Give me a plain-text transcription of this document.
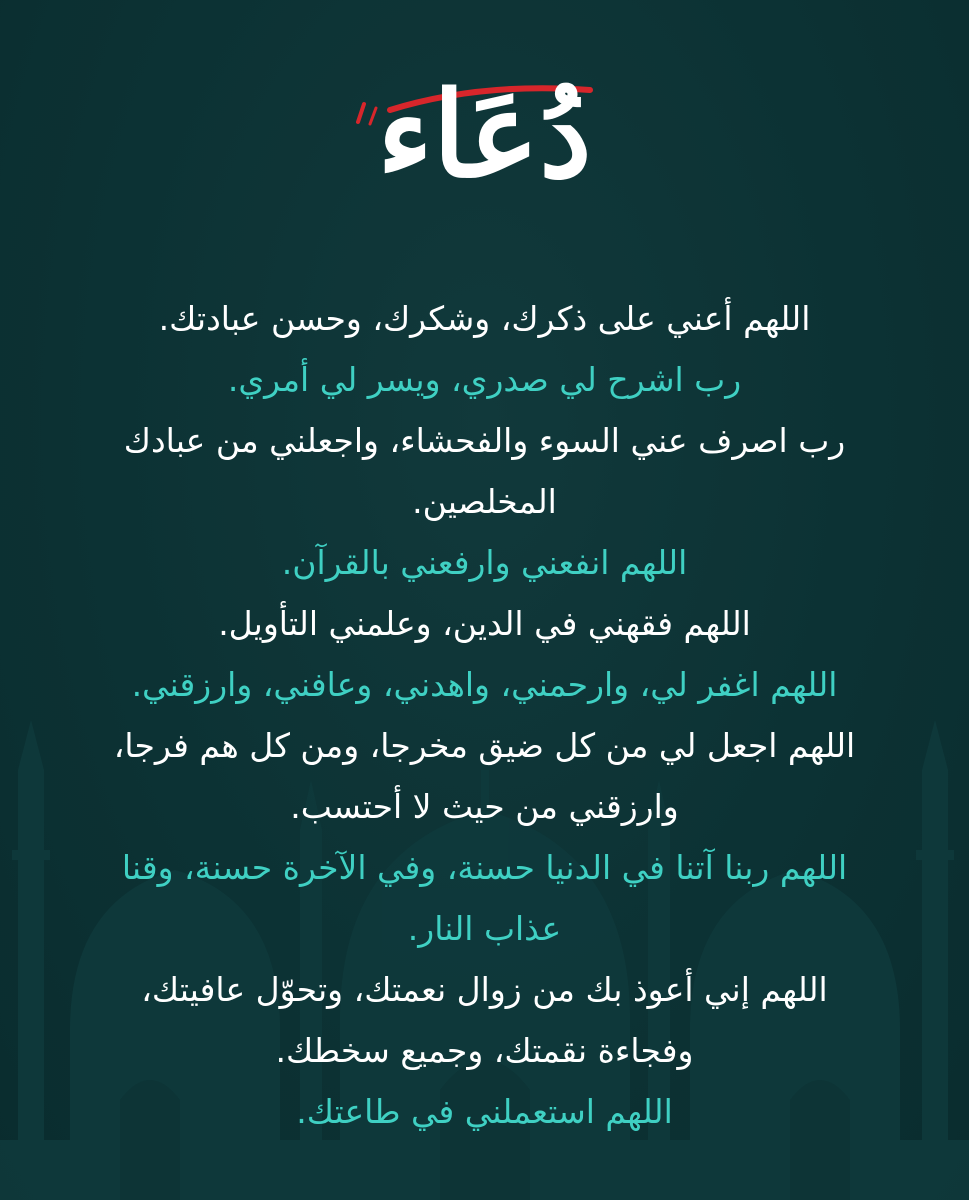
دُعَاء

اللهم أعني على ذكرك، وشكرك، وحسن عبادتك.

رب اشرح لي صدري، ويسر لي أمري.

رب اصرف عني السوء والفحشاء، واجعلني من عبادك

المخلصين.

اللهم انفعني وارفعني بالقرآن.

اللهم فقهني في الدين، وعلمني التأويل.

اللهم اغفر لي، وارحمني، واهدني، وعافني، وارزقني.

اللهم اجعل لي من كل ضيق مخرجا، ومن كل هم فرجا،

وارزقني من حيث لا أحتسب.

اللهم ربنا آتنا في الدنيا حسنة، وفي الآخرة حسنة، وقنا

عذاب النار.

اللهم إني أعوذ بك من زوال نعمتك، وتحوّل عافيتك،

وفجاءة نقمتك، وجميع سخطك.

اللهم استعملني في طاعتك.
